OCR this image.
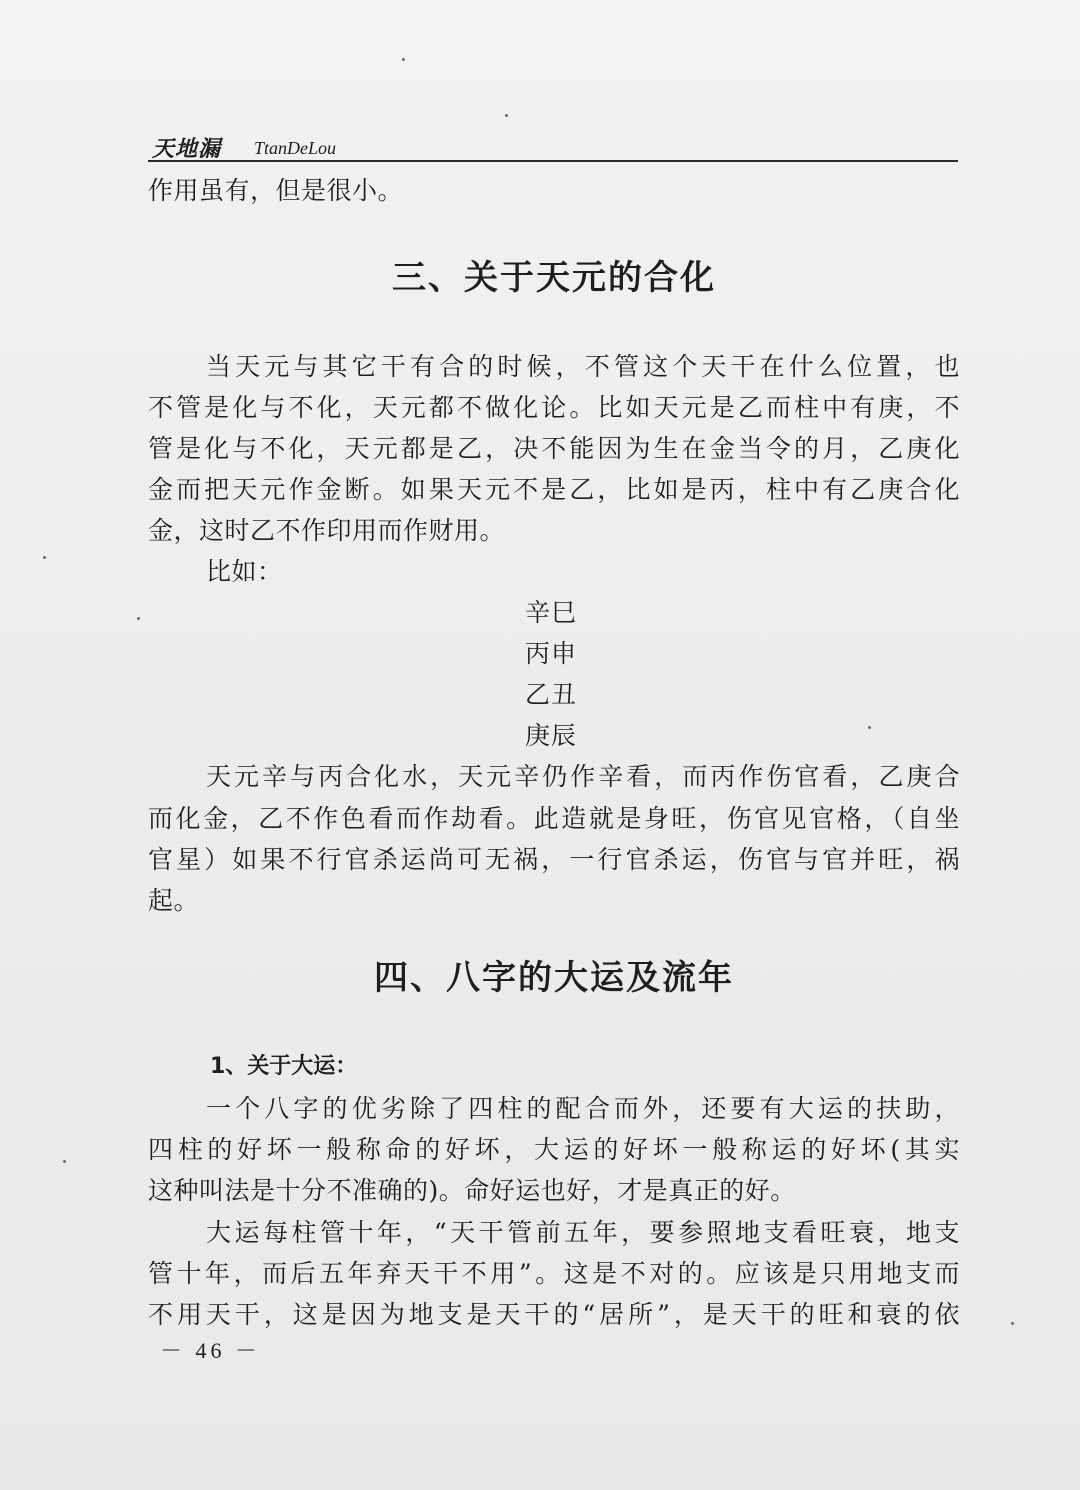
天地漏 TtanDeLou
作用虽有，但是很小。
三、关于天元的合化
当天元与其它干有合的时候，不管这个天干在什么位置，也
不管是化与不化，天元都不做化论。比如天元是乙而柱中有庚，不
管是化与不化，天元都是乙，决不能因为生在金当令的月，乙庚化
金而把天元作金断。如果天元不是乙，比如是丙，柱中有乙庚合化
金，这时乙不作印用而作财用。
比如：
辛巳
丙申
乙丑
庚辰
天元辛与丙合化水，天元辛仍作辛看，而丙作伤官看，乙庚合
而化金，乙不作色看而作劫看。此造就是身旺，伤官见官格，（自坐
官星）如果不行官杀运尚可无祸，一行官杀运，伤官与官并旺，祸
起。
四、八字的大运及流年
1、关于大运：
一个八字的优劣除了四柱的配合而外，还要有大运的扶助，
四柱的好坏一般称命的好坏，大运的好坏一般称运的好坏(其实
这种叫法是十分不准确的)。命好运也好，才是真正的好。
大运每柱管十年，“天干管前五年，要参照地支看旺衰，地支
管十年，而后五年弃天干不用”。这是不对的。应该是只用地支而
不用天干，这是因为地支是天干的“居所”，是天干的旺和衰的依
－ 46 －
